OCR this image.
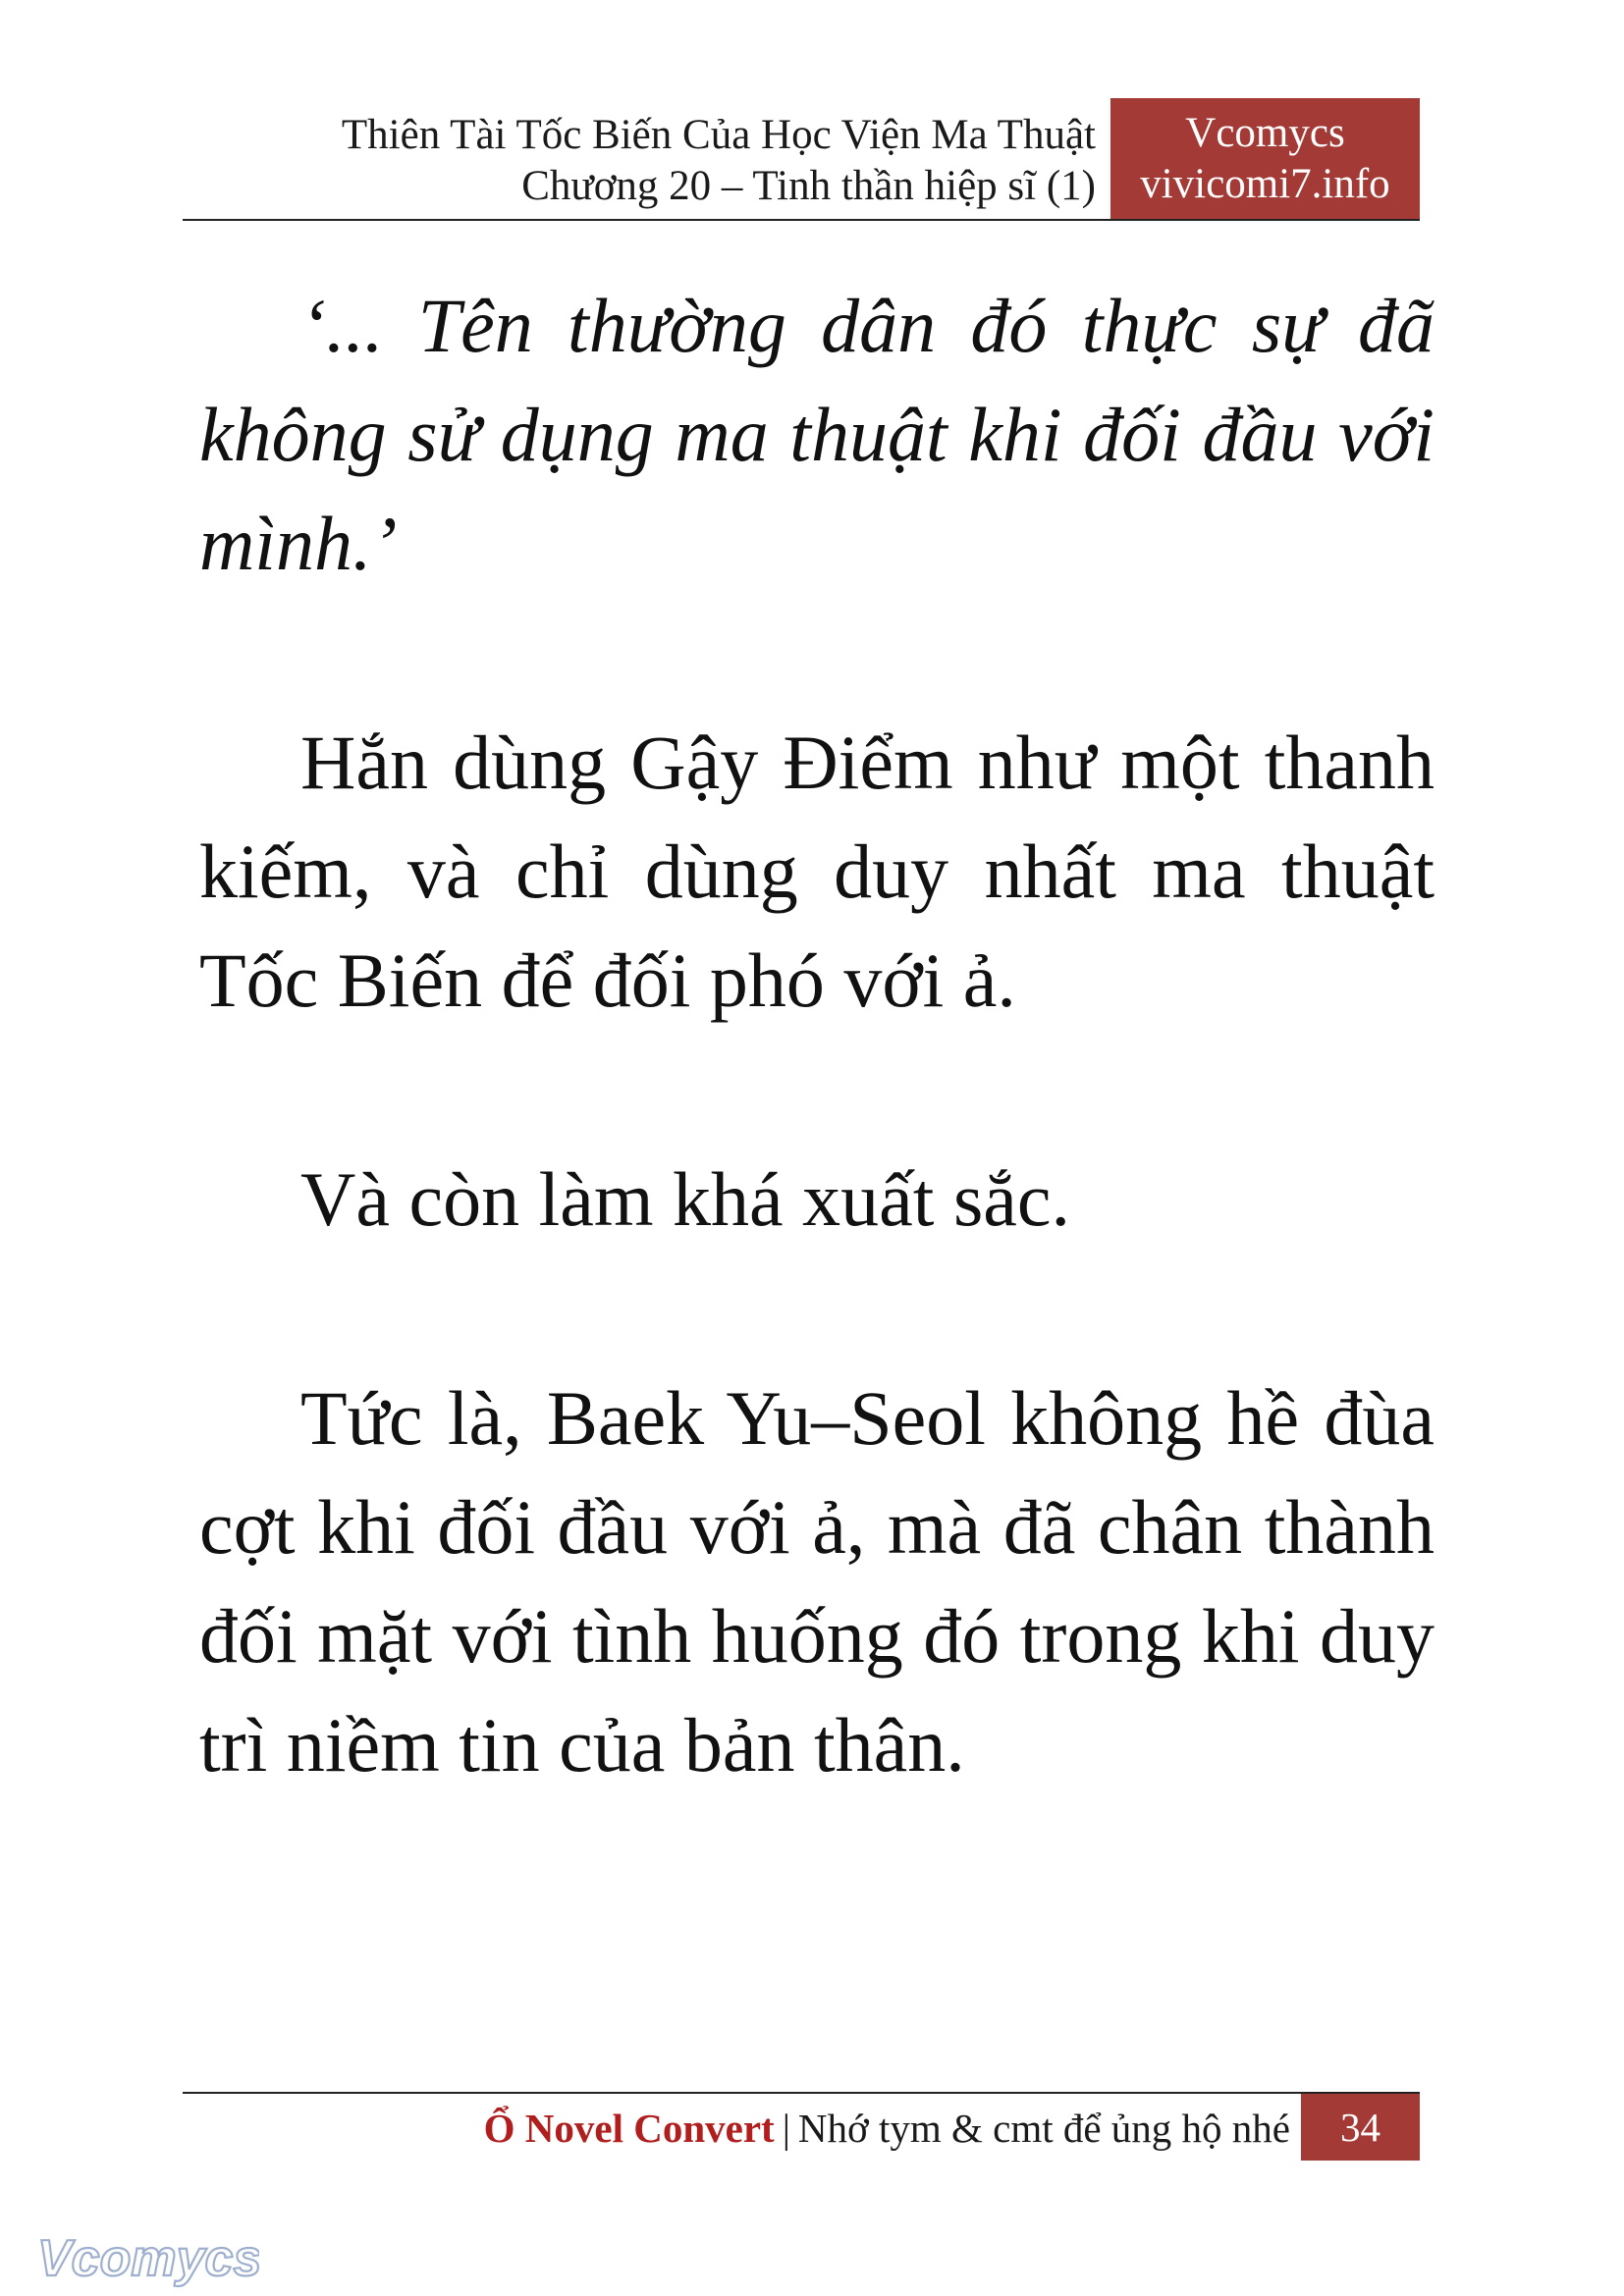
Thiên Tài Tốc Biến Của Học Viện Ma Thuật
Chương 20 – Tinh thần hiệp sĩ (1)
Vcomycs
vivicomi7.info

‘... Tên thường dân đó thực sự đã không sử dụng ma thuật khi đối đầu với mình.’

Hắn dùng Gậy Điểm như một thanh kiếm, và chỉ dùng duy nhất ma thuật Tốc Biến để đối phó với ả.

Và còn làm khá xuất sắc.

Tức là, Baek Yu–Seol không hề đùa cợt khi đối đầu với ả, mà đã chân thành đối mặt với tình huống đó trong khi duy trì niềm tin của bản thân.

Ổ Novel Convert | Nhớ tym & cmt để ủng hộ nhé	34
Vcomycs
